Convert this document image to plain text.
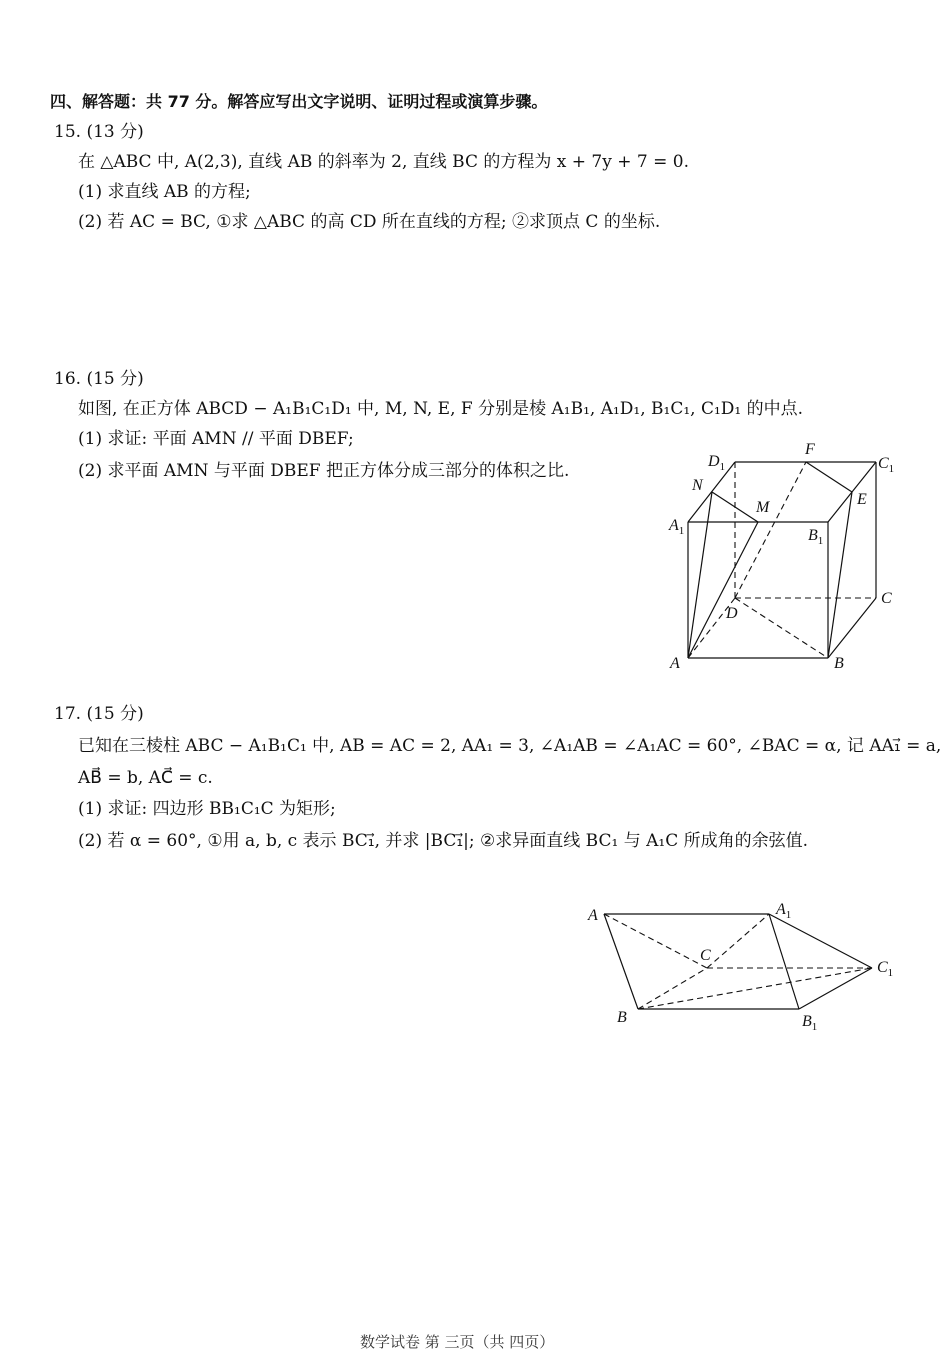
四、解答题：共 77 分。解答应写出文字说明、证明过程或演算步骤。
15. (13 分)
在 △ABC 中, A(2,3), 直线 AB 的斜率为 2, 直线 BC 的方程为 x + 7y + 7 = 0.
(1) 求直线 AB 的方程;
(2) 若 AC = BC, ①求 △ABC 的高 CD 所在直线的方程; ②求顶点 C 的坐标.
16. (15 分)
如图, 在正方体 ABCD − A₁B₁C₁D₁ 中, M, N, E, F 分别是棱 A₁B₁, A₁D₁, B₁C₁, C₁D₁ 的中点.
(1) 求证: 平面 AMN // 平面 DBEF;
(2) 求平面 AMN 与平面 DBEF 把正方体分成三部分的体积之比.	$D_1$
F
$C_1$
N
M	E
$A_1$	$B_1$
D
C
A	B
17. (15 分)
已知在三棱柱 ABC − A₁B₁C₁ 中, AB = AC = 2, AA₁ = 3, ∠A₁AB = ∠A₁AC = 60°, ∠BAC = α, 记 AA₁⃗ = a,
AB⃗ = b, AC⃗ = c.
(1) 求证: 四边形 BB₁C₁C 为矩形;
(2) 若 α = 60°, ①用 a, b, c 表示 BC₁⃗, 并求 |BC₁⃗|; ②求异面直线 BC₁ 与 A₁C 所成角的余弦值.
A	$A_1$
C
$C_1$
B	$B_1$
数学试卷 第 三页（共 四页）
